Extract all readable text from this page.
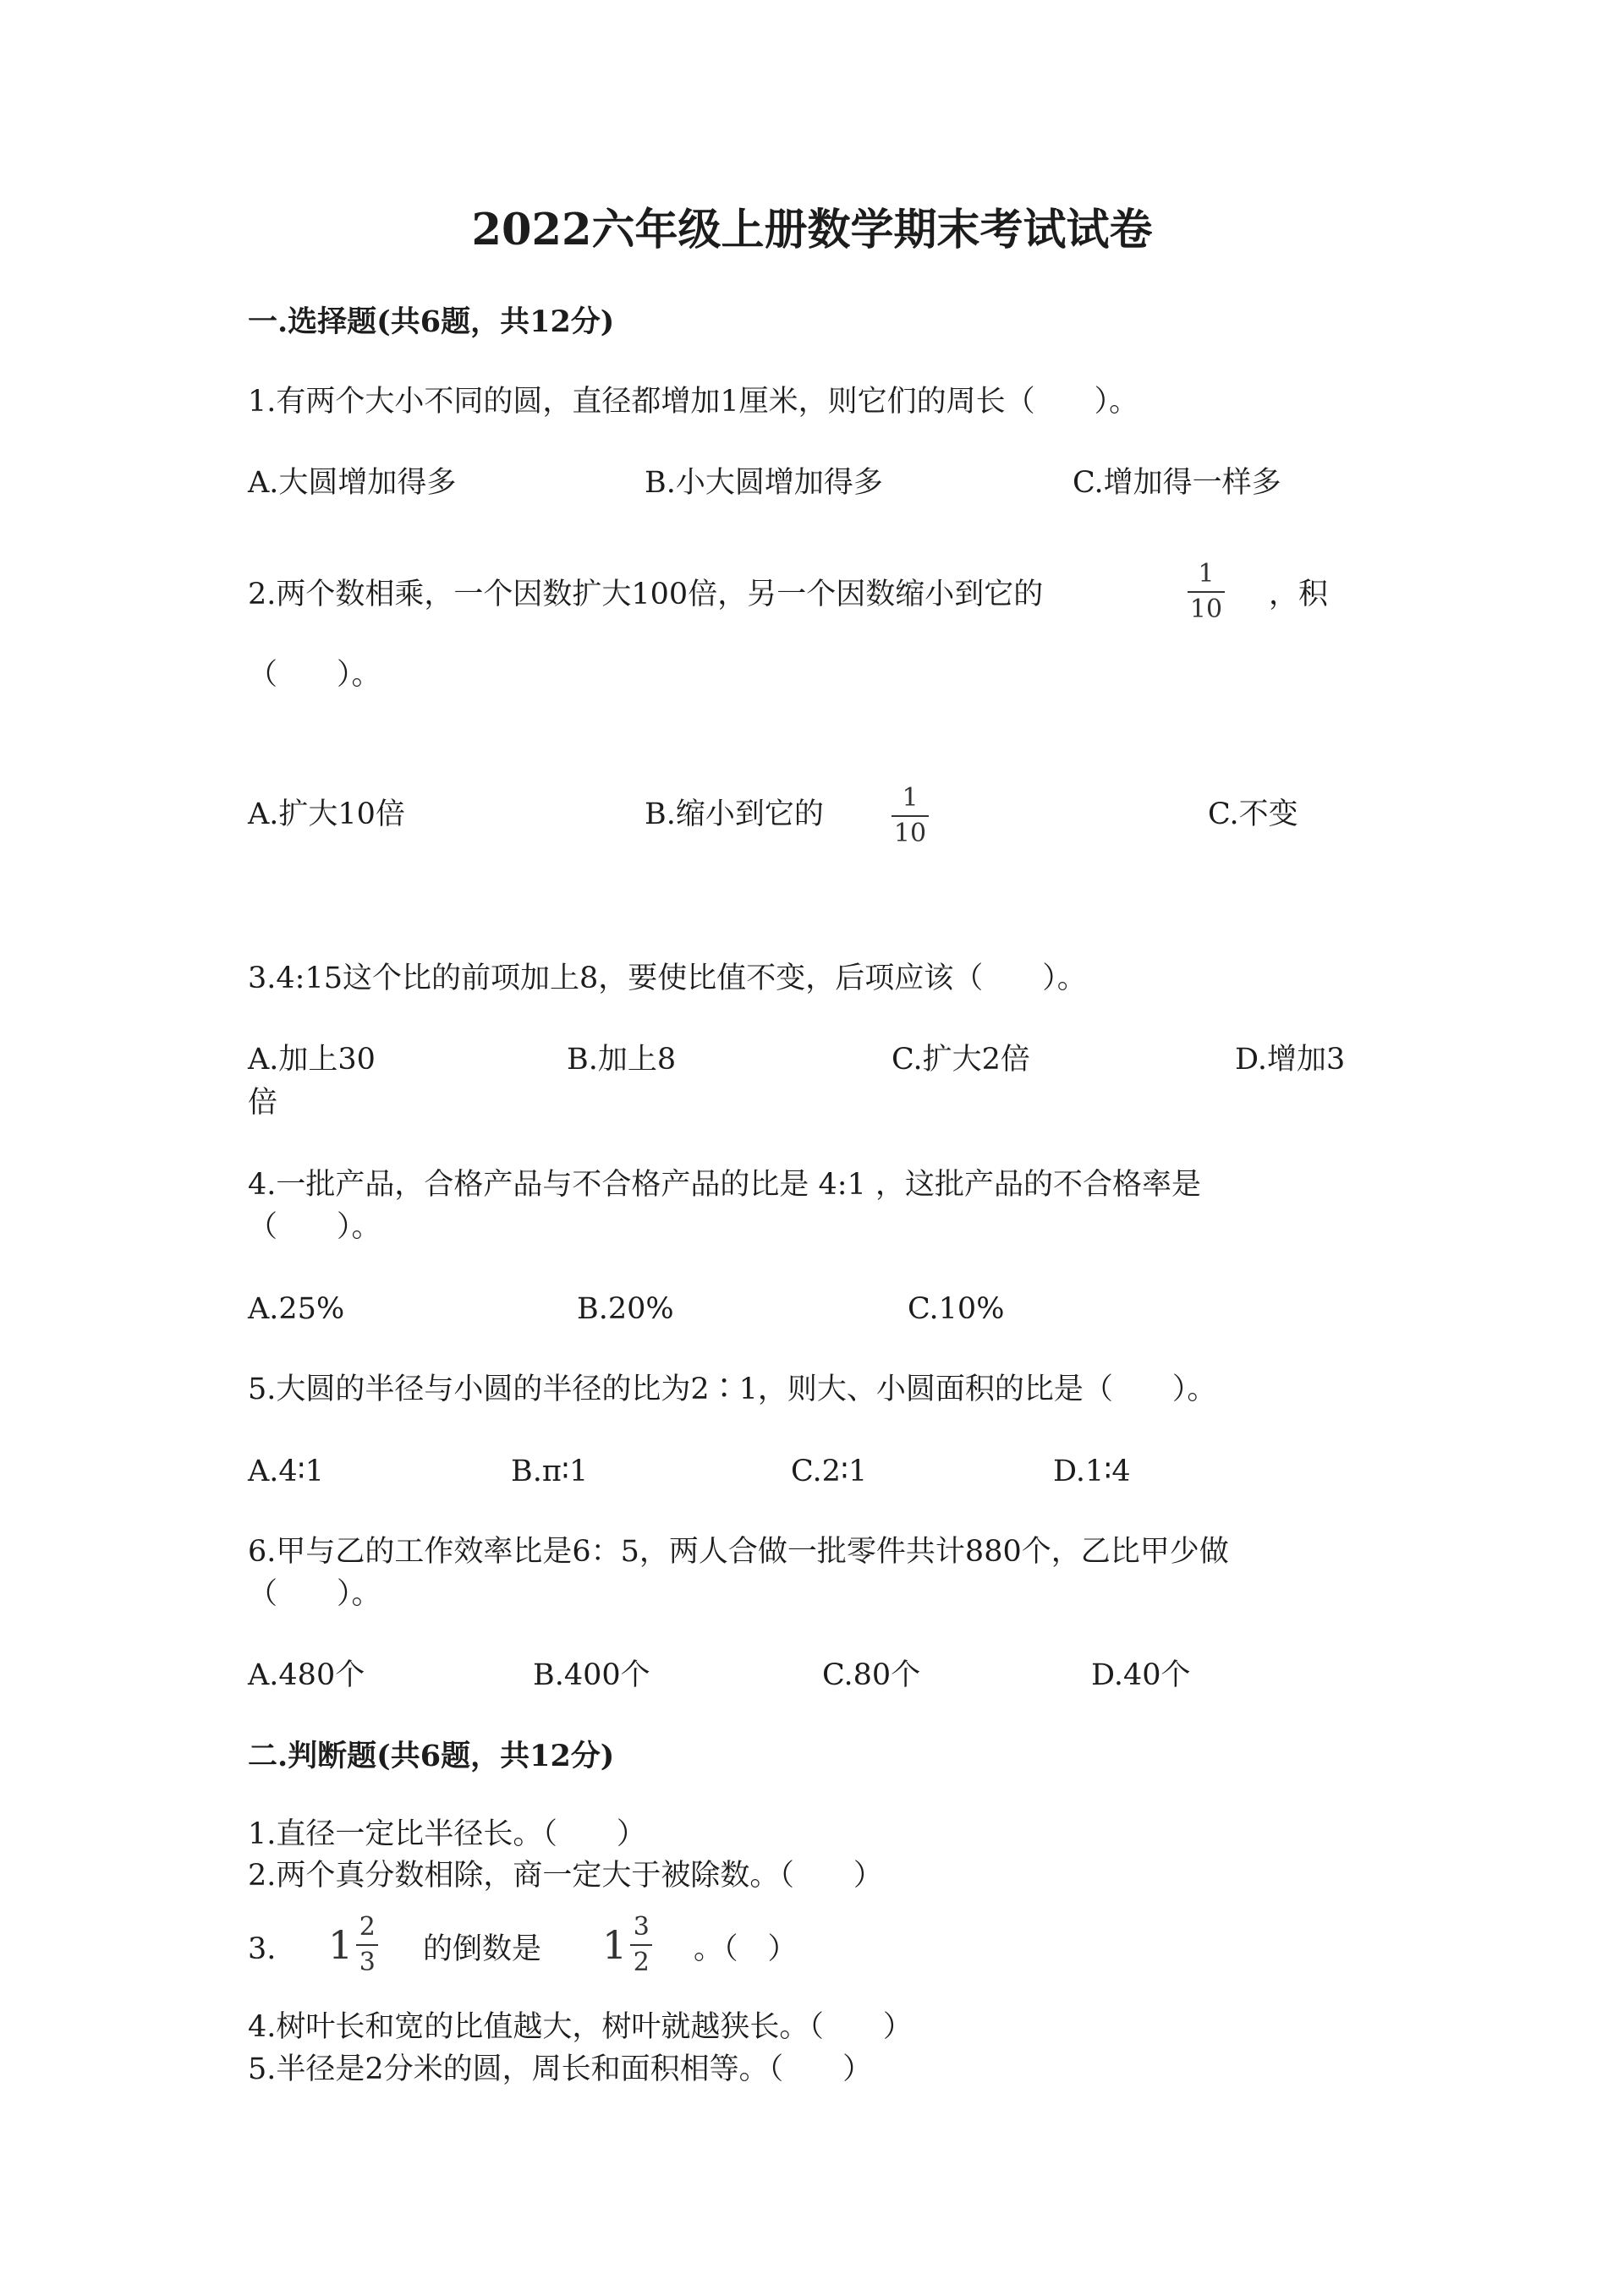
2022六年级上册数学期末考试试卷
一.选择题(共6题，共12分)
1.有两个大小不同的圆，直径都增加1厘米，则它们的周长（　　）。
A.大圆增加得多	B.小大圆增加得多	C.增加得一样多
2.两个数相乘，一个因数扩大100倍，另一个因数缩小到它的
1
10 ，积
（　　）。
A.扩大10倍	B.缩小到它的	1
10
C.不变
3.4:15这个比的前项加上8，要使比值不变，后项应该（　　）。
A.加上30	B.加上8	C.扩大2倍	D.增加3
倍
4.一批产品，合格产品与不合格产品的比是 4:1 ，这批产品的不合格率是
（　　）。
A.25%	B.20%	C.10%
5.大圆的半径与小圆的半径的比为2∶1，则大、小圆面积的比是（　　）。
A.4∶1	B.π∶1	C.2∶1	D.1∶4
6.甲与乙的工作效率比是6：5，两人合做一批零件共计880个，乙比甲少做
（　　）。
A.480个	B.400个	C.80个	D.40个
二.判断题(共6题，共12分)
1.直径一定比半径长。（　　）
2.两个真分数相除，商一定大于被除数。（　　）
3. $1 \frac{2}{3}$ 的倒数是 $1 \frac{3}{2}$ 。（　）
4.树叶长和宽的比值越大，树叶就越狭长。（　　）
5.半径是2分米的圆，周长和面积相等。（　　）
